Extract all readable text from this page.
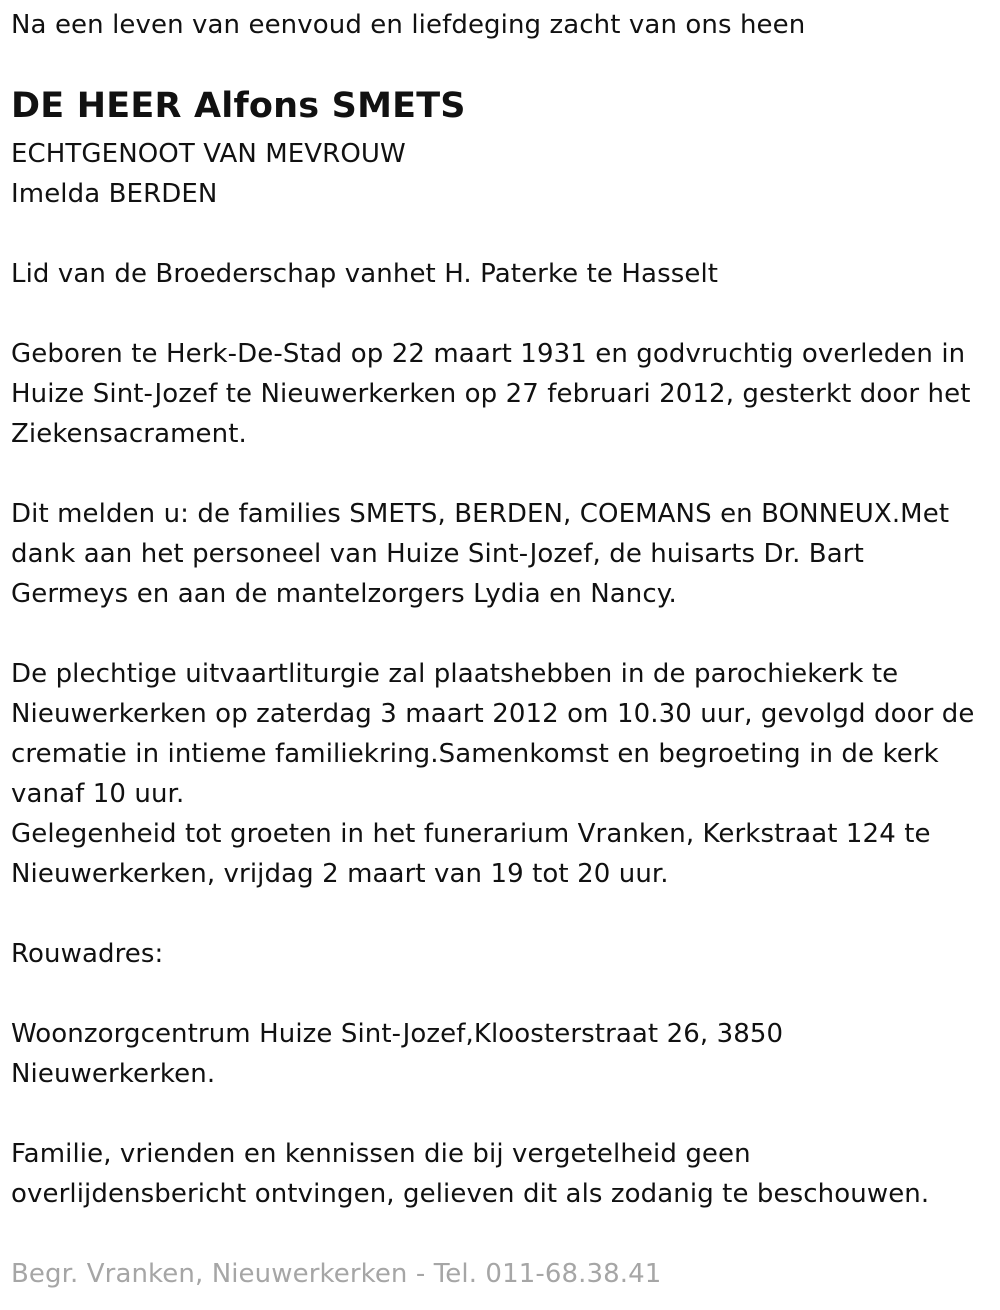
Na een leven van eenvoud en liefdeging zacht van ons heen
DE HEER Alfons SMETS
ECHTGENOOT VAN MEVROUW
Imelda BERDEN
Lid van de Broederschap vanhet H. Paterke te Hasselt
Geboren te Herk-De-Stad op 22 maart 1931 en godvruchtig overleden in
Huize Sint-Jozef te Nieuwerkerken op 27 februari 2012, gesterkt door het
Ziekensacrament.
Dit melden u: de families SMETS, BERDEN, COEMANS en BONNEUX.Met
dank aan het personeel van Huize Sint-Jozef, de huisarts Dr. Bart
Germeys en aan de mantelzorgers Lydia en Nancy.
De plechtige uitvaartliturgie zal plaatshebben in de parochiekerk te
Nieuwerkerken op zaterdag 3 maart 2012 om 10.30 uur, gevolgd door de
crematie in intieme familiekring.Samenkomst en begroeting in de kerk
vanaf 10 uur.
Gelegenheid tot groeten in het funerarium Vranken, Kerkstraat 124 te
Nieuwerkerken, vrijdag 2 maart van 19 tot 20 uur.
Rouwadres:
Woonzorgcentrum Huize Sint-Jozef,Kloosterstraat 26, 3850
Nieuwerkerken.
Familie, vrienden en kennissen die bij vergetelheid geen
overlijdensbericht ontvingen, gelieven dit als zodanig te beschouwen.
Begr. Vranken, Nieuwerkerken - Tel. 011-68.38.41
